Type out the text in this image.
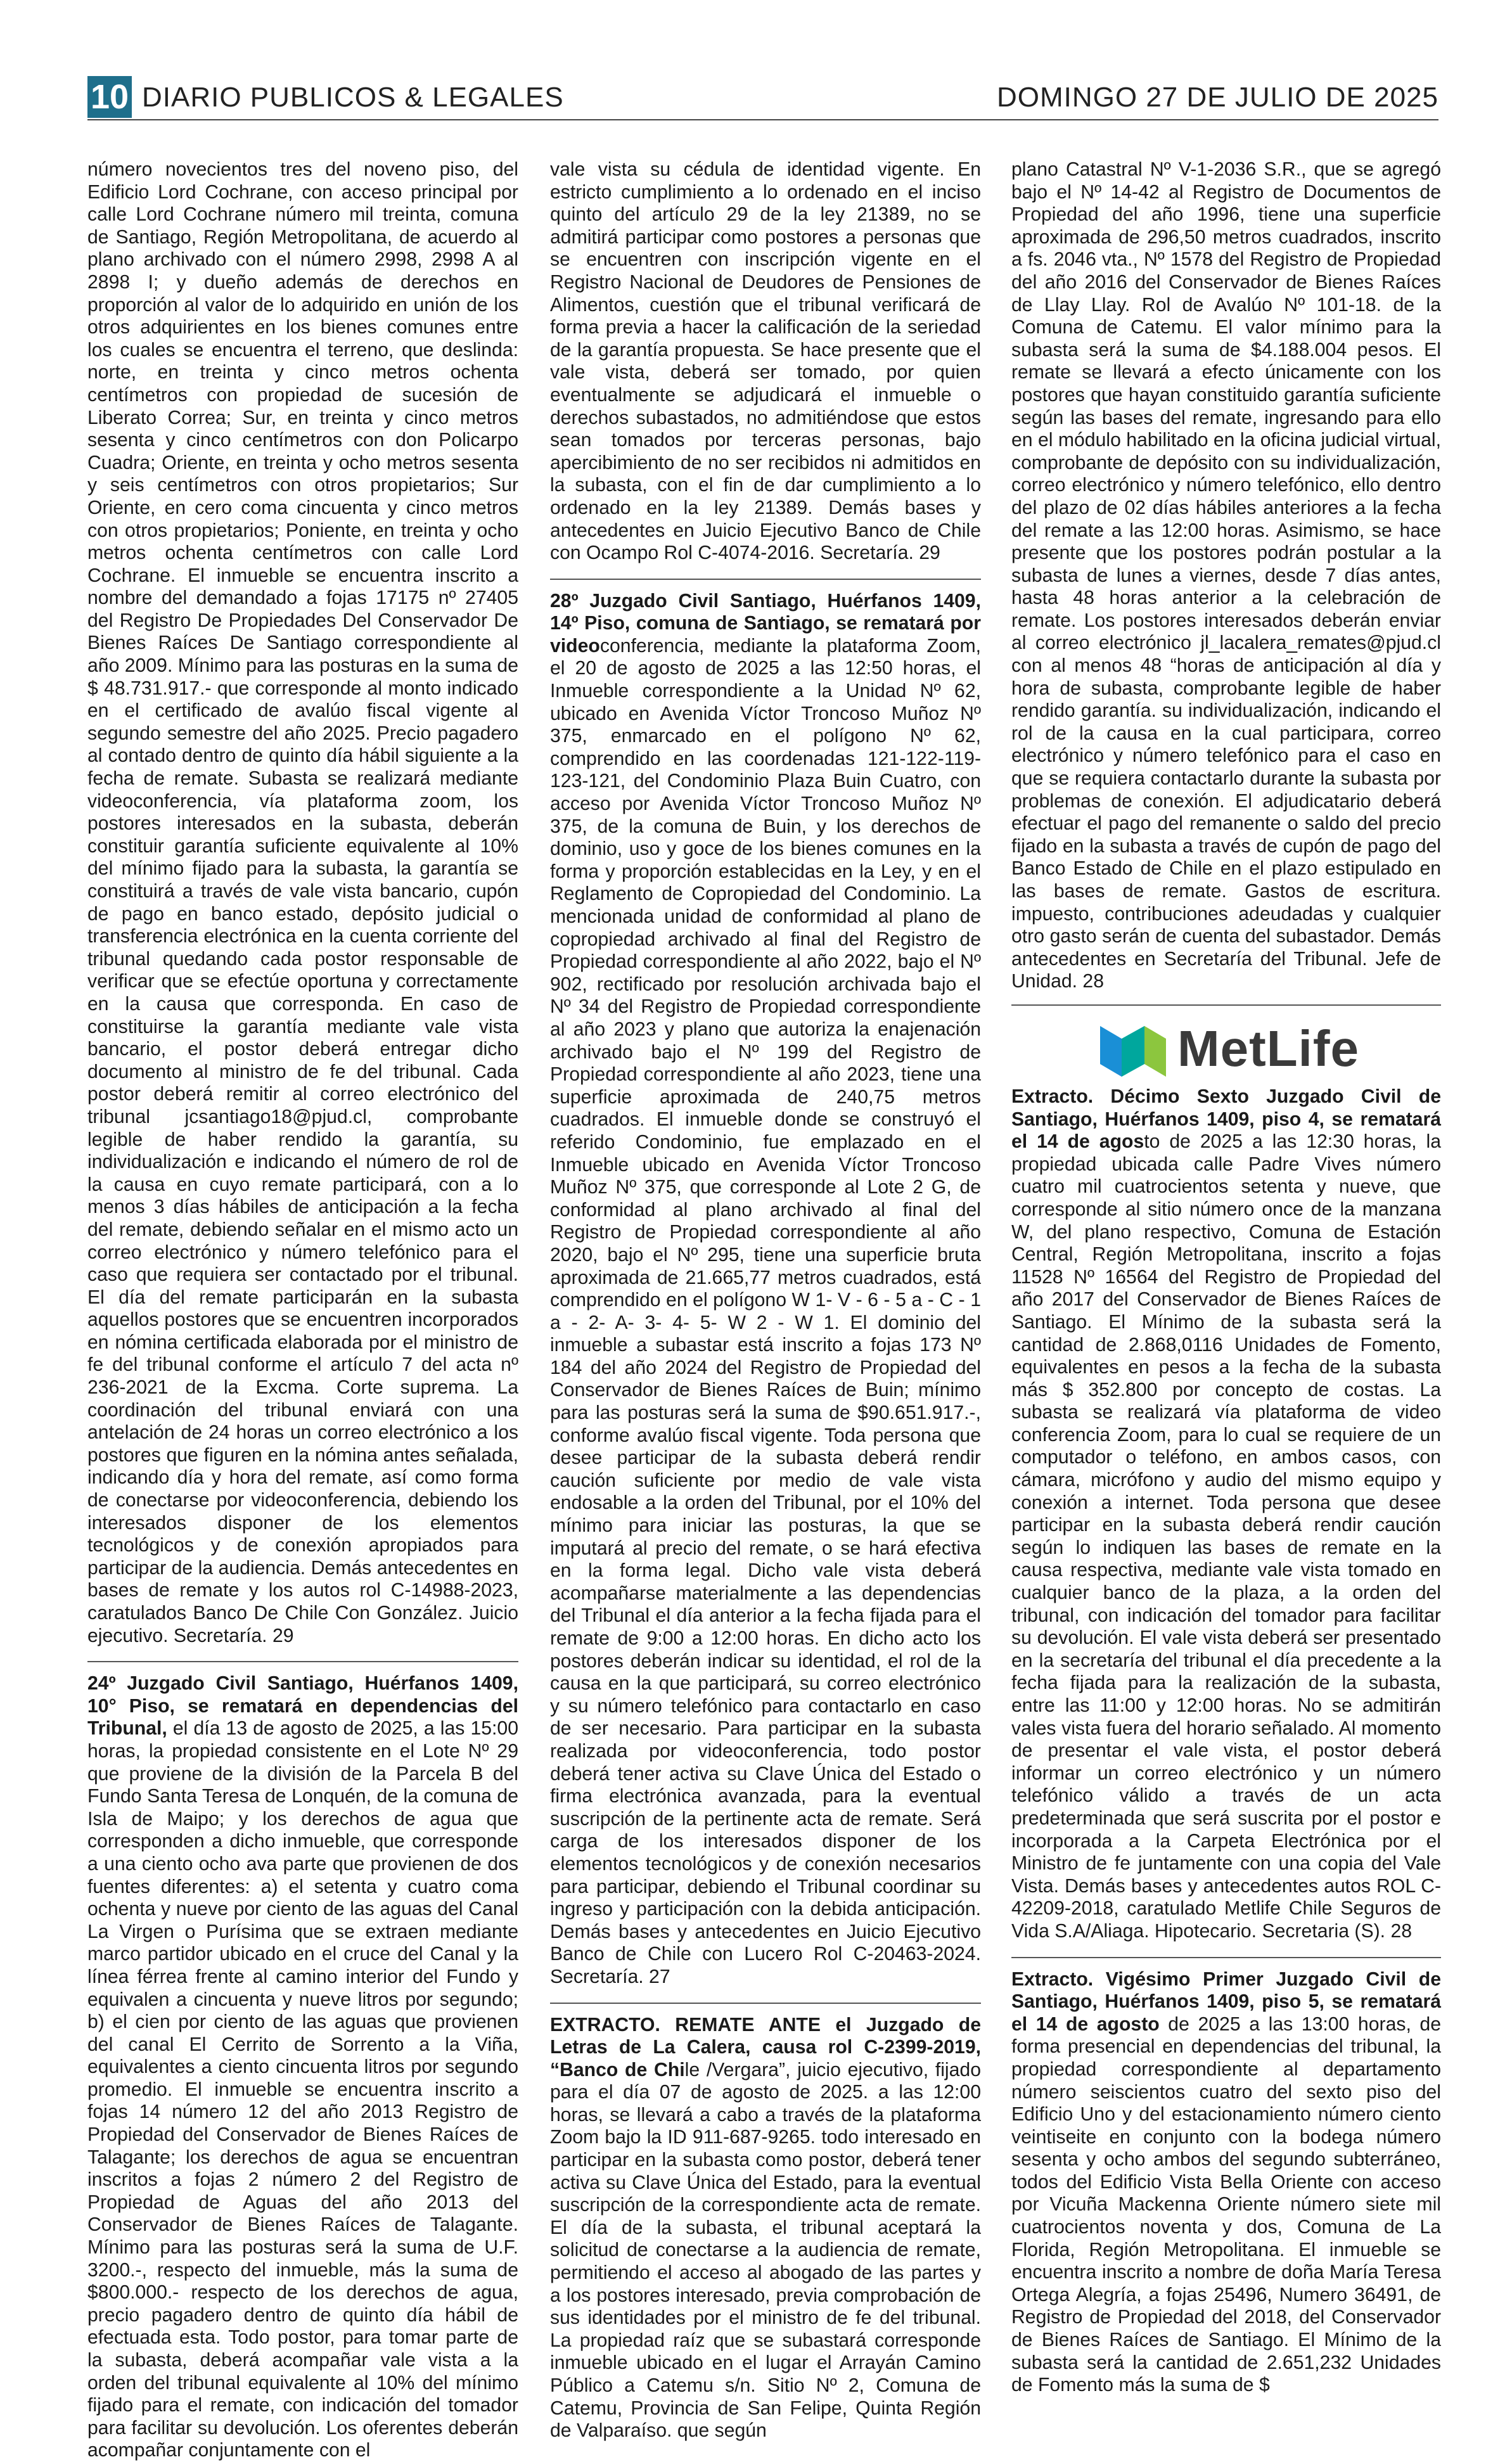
10 DIARIO PUBLICOS & LEGALES	DOMINGO 27 DE JULIO DE 2025

número novecientos tres del noveno piso, del Edificio Lord Cochrane, con acceso principal por calle Lord Cochrane número mil treinta, comuna de Santiago, Región Metropolitana, de acuerdo al plano archivado con el número 2998, 2998 A al 2898 I; y dueño además de derechos en proporción al valor de lo adquirido en unión de los otros adquirientes en los bienes comunes entre los cuales se encuentra el terreno, que deslinda: norte, en treinta y cinco metros ochenta centímetros con propiedad de sucesión de Liberato Correa; Sur, en treinta y cinco metros sesenta y cinco centímetros con don Policarpo Cuadra; Oriente, en treinta y ocho metros sesenta y seis centímetros con otros propietarios; Sur Oriente, en cero coma cincuenta y cinco metros con otros propietarios; Poniente, en treinta y ocho metros ochenta centímetros con calle Lord Cochrane. El inmueble se encuentra inscrito a nombre del demandado a fojas 17175 nº 27405 del Registro De Propiedades Del Conservador De Bienes Raíces De Santiago correspondiente al año 2009. Mínimo para las posturas en la suma de $ 48.731.917.- que corresponde al monto indicado en el certificado de avalúo fiscal vigente al segundo semestre del año 2025. Precio pagadero al contado dentro de quinto día hábil siguiente a la fecha de remate. Subasta se realizará mediante videoconferencia, vía plataforma zoom, los postores interesados en la subasta, deberán constituir garantía suficiente equivalente al 10% del mínimo fijado para la subasta, la garantía se constituirá a través de vale vista bancario, cupón de pago en banco estado, depósito judicial o transferencia electrónica en la cuenta corriente del tribunal quedando cada postor responsable de verificar que se efectúe oportuna y correctamente en la causa que corresponda. En caso de constituirse la garantía mediante vale vista bancario, el postor deberá entregar dicho documento al ministro de fe del tribunal. Cada postor deberá remitir al correo electrónico del tribunal jcsantiago18@pjud.cl, comprobante legible de haber rendido la garantía, su individualización e indicando el número de rol de la causa en cuyo remate participará, con a lo menos 3 días hábiles de anticipación a la fecha del remate, debiendo señalar en el mismo acto un correo electrónico y número telefónico para el caso que requiera ser contactado por el tribunal. El día del remate participarán en la subasta aquellos postores que se encuentren incorporados en nómina certificada elaborada por el ministro de fe del tribunal conforme el artículo 7 del acta nº 236-2021 de la Excma. Corte suprema. La coordinación del tribunal enviará con una antelación de 24 horas un correo electrónico a los postores que figuren en la nómina antes señalada, indicando día y hora del remate, así como forma de conectarse por videoconferencia, debiendo los interesados disponer de los elementos tecnológicos y de conexión apropiados para participar de la audiencia. Demás antecedentes en bases de remate y los autos rol C-14988-2023, caratulados Banco De Chile Con González. Juicio ejecutivo. Secretaría. 29

24º Juzgado Civil Santiago, Huérfanos 1409, 10° Piso, se rematará en dependencias del Tribunal, el día 13 de agosto de 2025, a las 15:00 horas, la propiedad consistente en el Lote Nº 29 que proviene de la división de la Parcela B del Fundo Santa Teresa de Lonquén, de la comuna de Isla de Maipo; y los derechos de agua que corresponden a dicho inmueble, que corresponde a una ciento ocho ava parte que provienen de dos fuentes diferentes: a) el setenta y cuatro coma ochenta y nueve por ciento de las aguas del Canal La Virgen o Purísima que se extraen mediante marco partidor ubicado en el cruce del Canal y la línea férrea frente al camino interior del Fundo y equivalen a cincuenta y nueve litros por segundo; b) el cien por ciento de las aguas que provienen del canal El Cerrito de Sorrento a la Viña, equivalentes a ciento cincuenta litros por segundo promedio. El inmueble se encuentra inscrito a fojas 14 número 12 del año 2013 Registro de Propiedad del Conservador de Bienes Raíces de Talagante; los derechos de agua se encuentran inscritos a fojas 2 número 2 del Registro de Propiedad de Aguas del año 2013 del Conservador de Bienes Raíces de Talagante. Mínimo para las posturas será la suma de U.F. 3200.-, respecto del inmueble, más la suma de $800.000.- respecto de los derechos de agua, precio pagadero dentro de quinto día hábil de efectuada esta. Todo postor, para tomar parte de la subasta, deberá acompañar vale vista a la orden del tribunal equivalente al 10% del mínimo fijado para el remate, con indicación del tomador para facilitar su devolución. Los oferentes deberán acompañar conjuntamente con el

vale vista su cédula de identidad vigente. En estricto cumplimiento a lo ordenado en el inciso quinto del artículo 29 de la ley 21389, no se admitirá participar como postores a personas que se encuentren con inscripción vigente en el Registro Nacional de Deudores de Pensiones de Alimentos, cuestión que el tribunal verificará de forma previa a hacer la calificación de la seriedad de la garantía propuesta. Se hace presente que el vale vista, deberá ser tomado, por quien eventualmente se adjudicará el inmueble o derechos subastados, no admitiéndose que estos sean tomados por terceras personas, bajo apercibimiento de no ser recibidos ni admitidos en la subasta, con el fin de dar cumplimiento a lo ordenado en la ley 21389. Demás bases y antecedentes en Juicio Ejecutivo Banco de Chile con Ocampo Rol C-4074-2016. Secretaría. 29

28º Juzgado Civil Santiago, Huérfanos 1409, 14º Piso, comuna de Santiago, se rematará por videoconferencia, mediante la plataforma Zoom, el 20 de agosto de 2025 a las 12:50 horas, el Inmueble correspondiente a la Unidad Nº 62, ubicado en Avenida Víctor Troncoso Muñoz Nº 375, enmarcado en el polígono Nº 62, comprendido en las coordenadas 121-122-119-123-121, del Condominio Plaza Buin Cuatro, con acceso por Avenida Víctor Troncoso Muñoz Nº 375, de la comuna de Buin, y los derechos de dominio, uso y goce de los bienes comunes en la forma y proporción establecidas en la Ley, y en el Reglamento de Copropiedad del Condominio. La mencionada unidad de conformidad al plano de copropiedad archivado al final del Registro de Propiedad correspondiente al año 2022, bajo el Nº 902, rectificado por resolución archivada bajo el Nº 34 del Registro de Propiedad correspondiente al año 2023 y plano que autoriza la enajenación archivado bajo el Nº 199 del Registro de Propiedad correspondiente al año 2023, tiene una superficie aproximada de 240,75 metros cuadrados. El inmueble donde se construyó el referido Condominio, fue emplazado en el Inmueble ubicado en Avenida Víctor Troncoso Muñoz Nº 375, que corresponde al Lote 2 G, de conformidad al plano archivado al final del Registro de Propiedad correspondiente al año 2020, bajo el Nº 295, tiene una superficie bruta aproximada de 21.665,77 metros cuadrados, está comprendido en el polígono W 1- V - 6 - 5 a - C - 1 a - 2- A- 3- 4- 5- W 2 - W 1. El dominio del inmueble a subastar está inscrito a fojas 173 Nº 184 del año 2024 del Registro de Propiedad del Conservador de Bienes Raíces de Buin; mínimo para las posturas será la suma de $90.651.917.-, conforme avalúo fiscal vigente. Toda persona que desee participar de la subasta deberá rendir caución suficiente por medio de vale vista endosable a la orden del Tribunal, por el 10% del mínimo para iniciar las posturas, la que se imputará al precio del remate, o se hará efectiva en la forma legal. Dicho vale vista deberá acompañarse materialmente a las dependencias del Tribunal el día anterior a la fecha fijada para el remate de 9:00 a 12:00 horas. En dicho acto los postores deberán indicar su identidad, el rol de la causa en la que participará, su correo electrónico y su número telefónico para contactarlo en caso de ser necesario. Para participar en la subasta realizada por videoconferencia, todo postor deberá tener activa su Clave Única del Estado o firma electrónica avanzada, para la eventual suscripción de la pertinente acta de remate. Será carga de los interesados disponer de los elementos tecnológicos y de conexión necesarios para participar, debiendo el Tribunal coordinar su ingreso y participación con la debida anticipación. Demás bases y antecedentes en Juicio Ejecutivo Banco de Chile con Lucero Rol C-20463-2024. Secretaría. 27

EXTRACTO. REMATE ANTE el Juzgado de Letras de La Calera, causa rol C-2399-2019, “Banco de Chile /Vergara”, juicio ejecutivo, fijado para el día 07 de agosto de 2025. a las 12:00 horas, se llevará a cabo a través de la plataforma Zoom bajo la ID 911-687-9265. todo interesado en participar en la subasta como postor, deberá tener activa su Clave Única del Estado, para la eventual suscripción de la correspondiente acta de remate. El día de la subasta, el tribunal aceptará la solicitud de conectarse a la audiencia de remate, permitiendo el acceso al abogado de las partes y a los postores interesado, previa comprobación de sus identidades por el ministro de fe del tribunal. La propiedad raíz que se subastará corresponde inmueble ubicado en el lugar el Arrayán Camino Público a Catemu s/n. Sitio Nº 2, Comuna de Catemu, Provincia de San Felipe, Quinta Región de Valparaíso. que según

plano Catastral Nº V-1-2036 S.R., que se agregó bajo el Nº 14-42 al Registro de Documentos de Propiedad del año 1996, tiene una superficie aproximada de 296,50 metros cuadrados, inscrito a fs. 2046 vta., Nº 1578 del Registro de Propiedad del año 2016 del Conservador de Bienes Raíces de Llay Llay. Rol de Avalúo Nº 101-18. de la Comuna de Catemu. El valor mínimo para la subasta será la suma de $4.188.004 pesos. El remate se llevará a efecto únicamente con los postores que hayan constituido garantía suficiente según las bases del remate, ingresando para ello en el módulo habilitado en la oficina judicial virtual, comprobante de depósito con su individualización, correo electrónico y número telefónico, ello dentro del plazo de 02 días hábiles anteriores a la fecha del remate a las 12:00 horas. Asimismo, se hace presente que los postores podrán postular a la subasta de lunes a viernes, desde 7 días antes, hasta 48 horas anterior a la celebración de remate. Los postores interesados deberán enviar al correo electrónico jl_lacalera_remates@pjud.cl con al menos 48 “horas de anticipación al día y hora de subasta, comprobante legible de haber rendido garantía. su individualización, indicando el rol de la causa en la cual participara, correo electrónico y número telefónico para el caso en que se requiera contactarlo durante la subasta por problemas de conexión. El adjudicatario deberá efectuar el pago del remanente o saldo del precio fijado en la subasta a través de cupón de pago del Banco Estado de Chile en el plazo estipulado en las bases de remate. Gastos de escritura. impuesto, contribuciones adeudadas y cualquier otro gasto serán de cuenta del subastador. Demás antecedentes en Secretaría del Tribunal. Jefe de Unidad. 28

MetLife

Extracto. Décimo Sexto Juzgado Civil de Santiago, Huérfanos 1409, piso 4, se rematará el 14 de agosto de 2025 a las 12:30 horas, la propiedad ubicada calle Padre Vives número cuatro mil cuatrocientos setenta y nueve, que corresponde al sitio número once de la manzana W, del plano respectivo, Comuna de Estación Central, Región Metropolitana, inscrito a fojas 11528 Nº 16564 del Registro de Propiedad del año 2017 del Conservador de Bienes Raíces de Santiago. El Mínimo de la subasta será la cantidad de 2.868,0116 Unidades de Fomento, equivalentes en pesos a la fecha de la subasta más $ 352.800 por concepto de costas. La subasta se realizará vía plataforma de video conferencia Zoom, para lo cual se requiere de un computador o teléfono, en ambos casos, con cámara, micrófono y audio del mismo equipo y conexión a internet. Toda persona que desee participar en la subasta deberá rendir caución según lo indiquen las bases de remate en la causa respectiva, mediante vale vista tomado en cualquier banco de la plaza, a la orden del tribunal, con indicación del tomador para facilitar su devolución. El vale vista deberá ser presentado en la secretaría del tribunal el día precedente a la fecha fijada para la realización de la subasta, entre las 11:00 y 12:00 horas. No se admitirán vales vista fuera del horario señalado. Al momento de presentar el vale vista, el postor deberá informar un correo electrónico y un número telefónico válido a través de un acta predeterminada que será suscrita por el postor e incorporada a la Carpeta Electrónica por el Ministro de fe juntamente con una copia del Vale Vista. Demás bases y antecedentes autos ROL C-42209-2018, caratulado Metlife Chile Seguros de Vida S.A/Aliaga. Hipotecario. Secretaria (S). 28

Extracto. Vigésimo Primer Juzgado Civil de Santiago, Huérfanos 1409, piso 5, se rematará el 14 de agosto de 2025 a las 13:00 horas, de forma presencial en dependencias del tribunal, la propiedad correspondiente al departamento número seiscientos cuatro del sexto piso del Edificio Uno y del estacionamiento número ciento veintiseite en conjunto con la bodega número sesenta y ocho ambos del segundo subterráneo, todos del Edificio Vista Bella Oriente con acceso por Vicuña Mackenna Oriente número siete mil cuatrocientos noventa y dos, Comuna de La Florida, Región Metropolitana. El inmueble se encuentra inscrito a nombre de doña María Teresa Ortega Alegría, a fojas 25496, Numero 36491, de Registro de Propiedad del 2018, del Conservador de Bienes Raíces de Santiago. El Mínimo de la subasta será la cantidad de 2.651,232 Unidades de Fomento más la suma de $
